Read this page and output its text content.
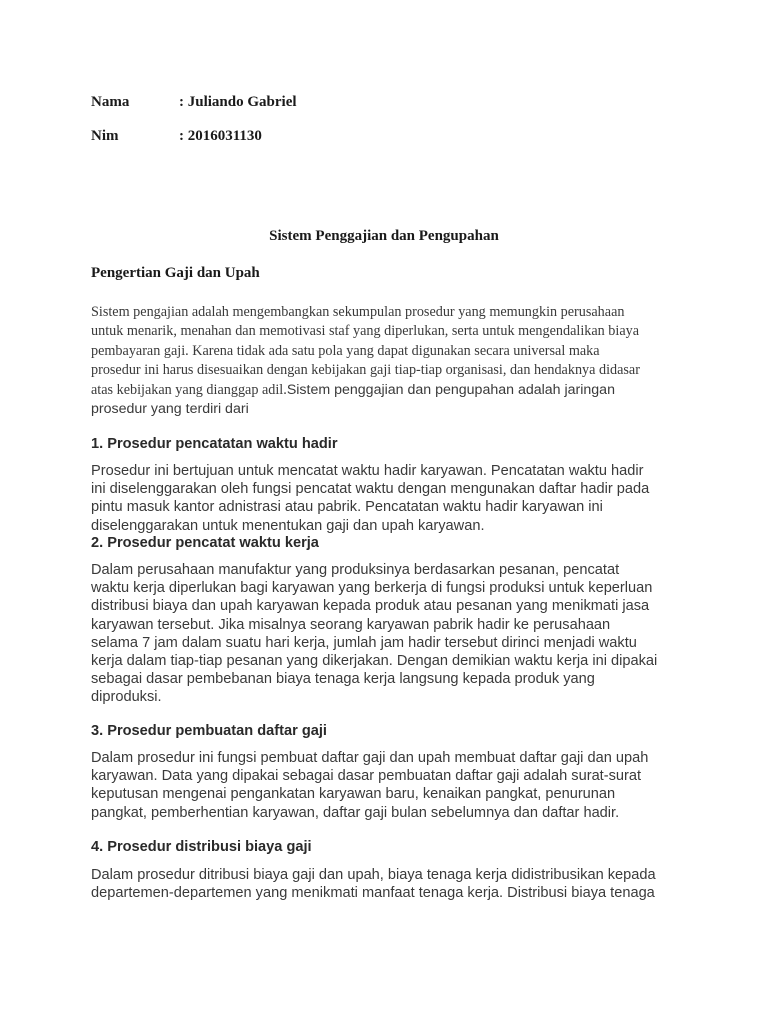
Nama	: Juliando Gabriel
Nim	: 2016031130
Sistem Penggajian dan Pengupahan
Pengertian Gaji dan Upah
Sistem pengajian adalah mengembangkan sekumpulan prosedur yang memungkin perusahaan
untuk menarik, menahan dan memotivasi staf yang diperlukan, serta untuk mengendalikan biaya
pembayaran gaji. Karena tidak ada satu pola yang dapat digunakan secara universal maka
prosedur ini harus disesuaikan dengan kebijakan gaji tiap-tiap organisasi, dan hendaknya didasar
atas kebijakan yang dianggap adil.Sistem penggajian dan pengupahan adalah jaringan
prosedur yang terdiri dari
1. Prosedur pencatatan waktu hadir
Prosedur ini bertujuan untuk mencatat waktu hadir karyawan. Pencatatan waktu hadir
ini diselenggarakan oleh fungsi pencatat waktu dengan mengunakan daftar hadir pada
pintu masuk kantor adnistrasi atau pabrik. Pencatatan waktu hadir karyawan ini
diselenggarakan untuk menentukan gaji dan upah karyawan.
2. Prosedur pencatat waktu kerja
Dalam perusahaan manufaktur yang produksinya berdasarkan pesanan, pencatat
waktu kerja diperlukan bagi karyawan yang berkerja di fungsi produksi untuk keperluan
distribusi biaya dan upah karyawan kepada produk atau pesanan yang menikmati jasa
karyawan tersebut. Jika misalnya seorang karyawan pabrik hadir ke perusahaan
selama 7 jam dalam suatu hari kerja, jumlah jam hadir tersebut dirinci menjadi waktu
kerja dalam tiap-tiap pesanan yang dikerjakan. Dengan demikian waktu kerja ini dipakai
sebagai dasar pembebanan biaya tenaga kerja langsung kepada produk yang
diproduksi.
3. Prosedur pembuatan daftar gaji
Dalam prosedur ini fungsi pembuat daftar gaji dan upah membuat daftar gaji dan upah
karyawan. Data yang dipakai sebagai dasar pembuatan daftar gaji adalah surat-surat
keputusan mengenai pengankatan karyawan baru, kenaikan pangkat, penurunan
pangkat, pemberhentian karyawan, daftar gaji bulan sebelumnya dan daftar hadir.
4. Prosedur distribusi biaya gaji
Dalam prosedur ditribusi biaya gaji dan upah, biaya tenaga kerja didistribusikan kepada
departemen-departemen yang menikmati manfaat tenaga kerja. Distribusi biaya tenaga
